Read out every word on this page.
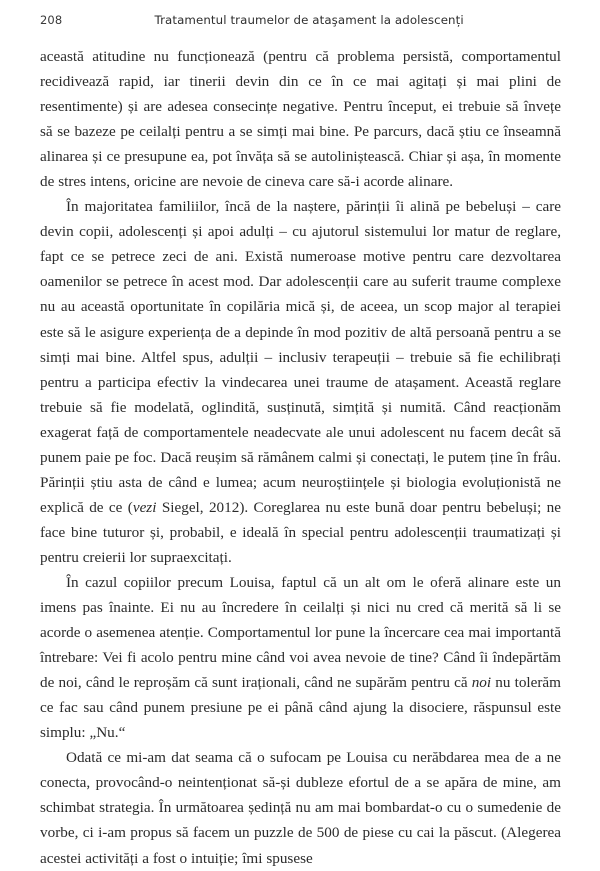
208	Tratamentul traumelor de ataşament la adolescenți

această atitudine nu funcționează (pentru că problema persistă, comportamentul recidivează rapid, iar tinerii devin din ce în ce mai agitați și mai plini de resentimente) și are adesea consecințe negative. Pentru început, ei trebuie să învețe să se bazeze pe ceilalți pentru a se simți mai bine. Pe parcurs, dacă știu ce înseamnă alinarea și ce presupune ea, pot învăța să se autoliniștească. Chiar și așa, în momente de stres intens, oricine are nevoie de cineva care să-i acorde alinare.

În majoritatea familiilor, încă de la naștere, părinții îi alină pe bebeluși – care devin copii, adolescenți și apoi adulți – cu ajutorul sistemului lor matur de reglare, fapt ce se petrece zeci de ani. Există numeroase motive pentru care dezvoltarea oamenilor se petrece în acest mod. Dar adolescenții care au suferit traume complexe nu au această oportunitate în copilăria mică și, de aceea, un scop major al terapiei este să le asigure experiența de a depinde în mod pozitiv de altă persoană pentru a se simți mai bine. Altfel spus, adulții – inclusiv terapeuții – trebuie să fie echilibrați pentru a participa efectiv la vindecarea unei traume de atașament. Această reglare trebuie să fie modelată, oglindită, susținută, simțită și numită. Când reacționăm exagerat față de comportamentele neadecvate ale unui adolescent nu facem decât să punem paie pe foc. Dacă reușim să rămânem calmi și conectați, le putem ține în frâu. Părinții știu asta de când e lumea; acum neuroștiințele și biologia evoluționistă ne explică de ce (vezi Siegel, 2012). Coreglarea nu este bună doar pentru bebeluși; ne face bine tuturor și, probabil, e ideală în special pentru adolescenții traumatizați și pentru creierii lor supraexcitați.

În cazul copiilor precum Louisa, faptul că un alt om le oferă alinare este un imens pas înainte. Ei nu au încredere în ceilalți și nici nu cred că merită să li se acorde o asemenea atenție. Comportamentul lor pune la încercare cea mai importantă întrebare: Vei fi acolo pentru mine când voi avea nevoie de tine? Când îi îndepărtăm de noi, când le reproșăm că sunt iraționali, când ne supărăm pentru că noi nu tolerăm ce fac sau când punem presiune pe ei până când ajung la disociere, răspunsul este simplu: „Nu.“

Odată ce mi-am dat seama că o sufocam pe Louisa cu nerăbdarea mea de a ne conecta, provocând-o neintenționat să-și dubleze efortul de a se apăra de mine, am schimbat strategia. În următoarea ședință nu am mai bombardat-o cu o sumedenie de vorbe, ci i-am propus să facem un puzzle de 500 de piese cu cai la păscut. (Alegerea acestei activități a fost o intuiție; îmi spusese
